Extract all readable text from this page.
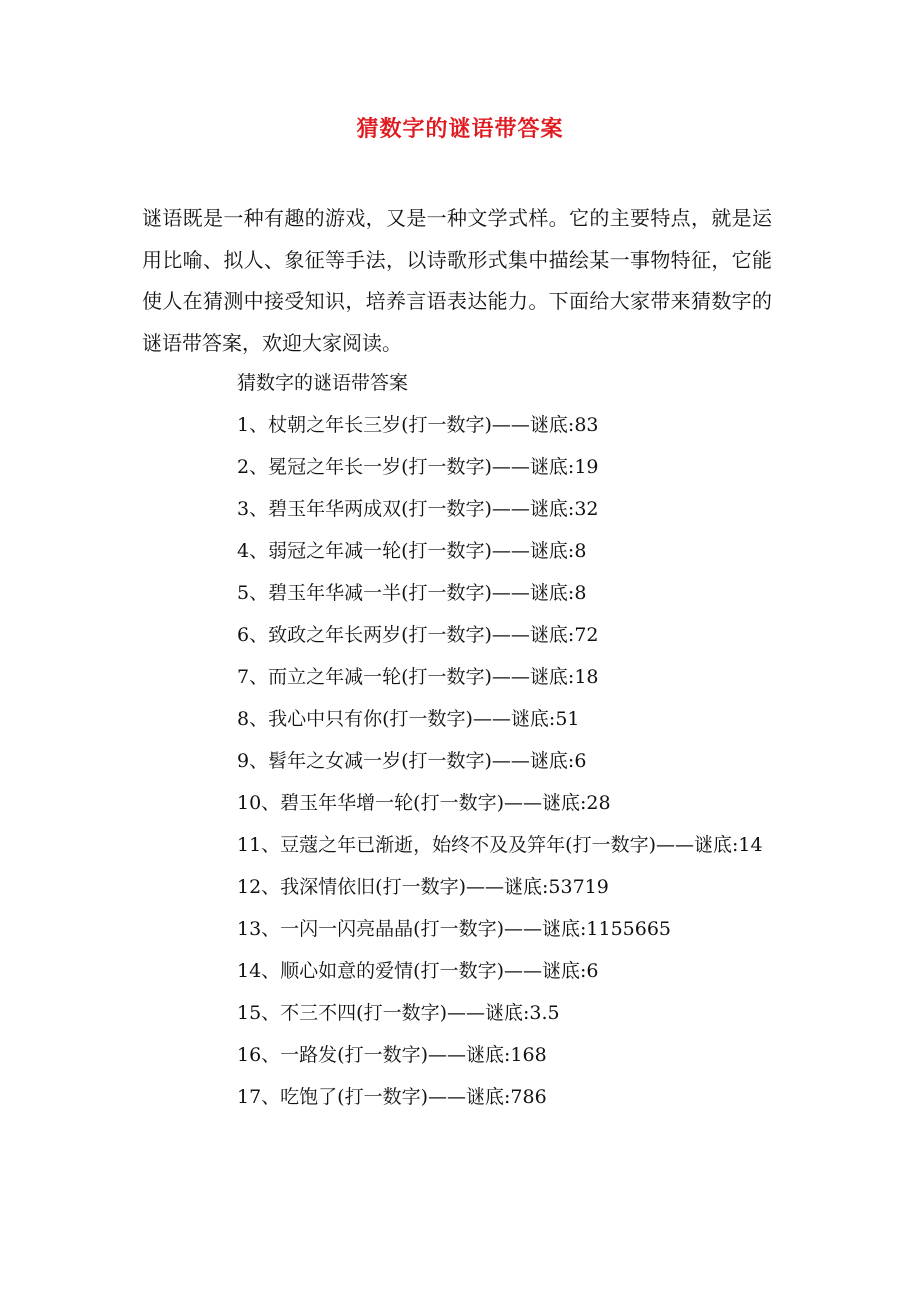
猜数字的谜语带答案

谜语既是一种有趣的游戏，又是一种文学式样。它的主要特点，就是运用比喻、拟人、象征等手法，以诗歌形式集中描绘某一事物特征，它能使人在猜测中接受知识，培养言语表达能力。下面给大家带来猜数字的谜语带答案，欢迎大家阅读。

猜数字的谜语带答案
1、杖朝之年长三岁(打一数字)——谜底:83
2、冕冠之年长一岁(打一数字)——谜底:19
3、碧玉年华两成双(打一数字)——谜底:32
4、弱冠之年减一轮(打一数字)——谜底:8
5、碧玉年华减一半(打一数字)——谜底:8
6、致政之年长两岁(打一数字)——谜底:72
7、而立之年减一轮(打一数字)——谜底:18
8、我心中只有你(打一数字)——谜底:51
9、髫年之女减一岁(打一数字)——谜底:6
10、碧玉年华增一轮(打一数字)——谜底:28
11、豆蔻之年已渐逝，始终不及及笄年(打一数字)——谜底:14
12、我深情依旧(打一数字)——谜底:53719
13、一闪一闪亮晶晶(打一数字)——谜底:1155665
14、顺心如意的爱情(打一数字)——谜底:6
15、不三不四(打一数字)——谜底:3.5
16、一路发(打一数字)——谜底:168
17、吃饱了(打一数字)——谜底:786
